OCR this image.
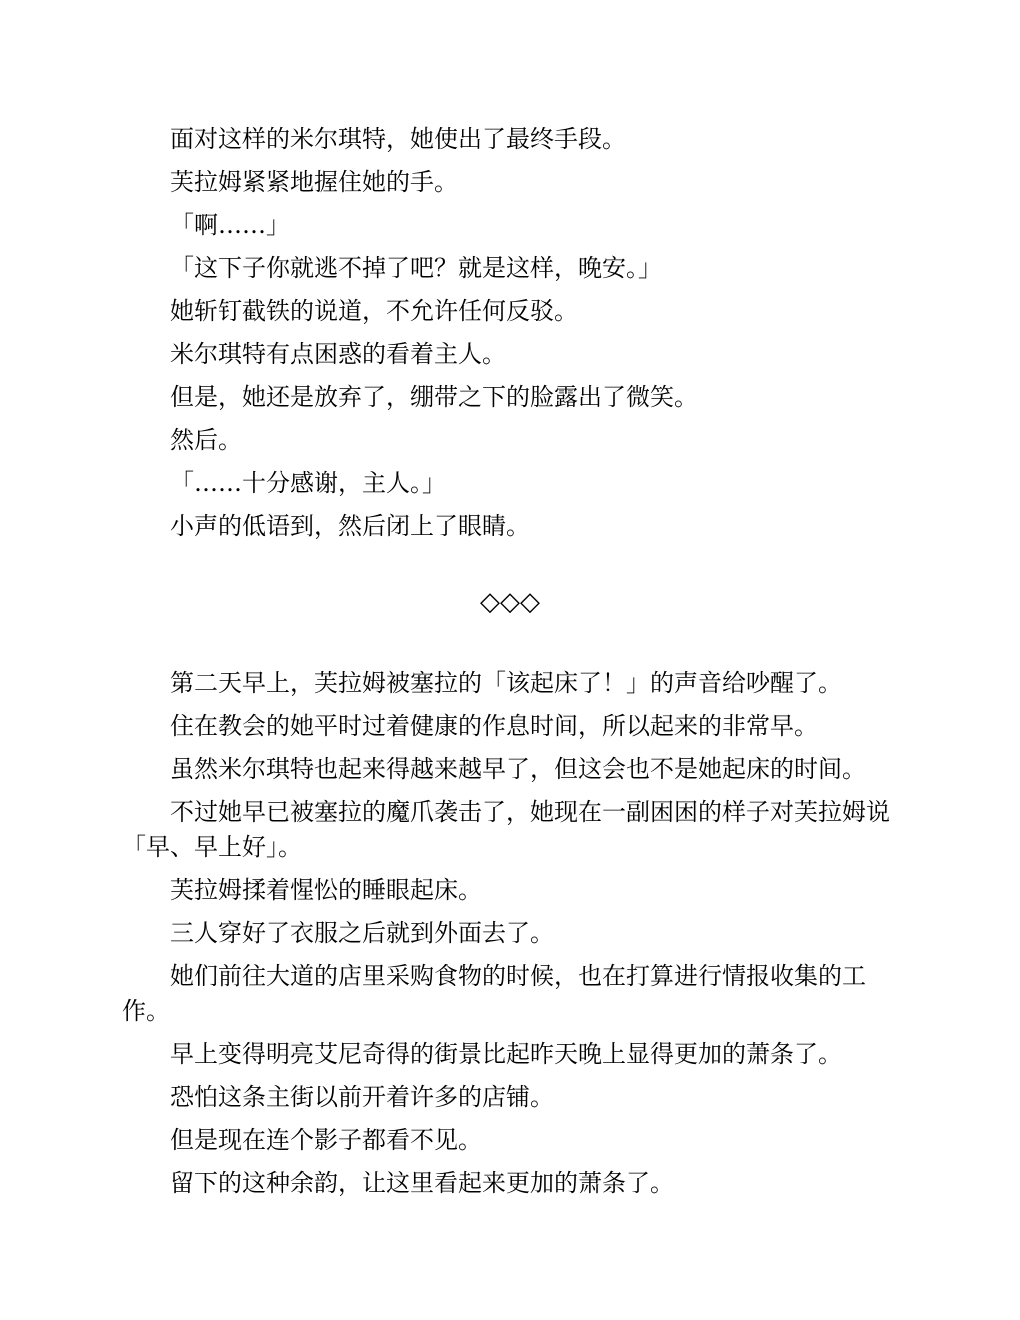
面对这样的米尔琪特，她使出了最终手段。

芙拉姆紧紧地握住她的手。

「啊……」

「这下子你就逃不掉了吧？就是这样，晚安。」

她斩钉截铁的说道，不允许任何反驳。

米尔琪特有点困惑的看着主人。

但是，她还是放弃了，绷带之下的脸露出了微笑。

然后。

「……十分感谢，主人。」

小声的低语到，然后闭上了眼睛。

◇◇◇

第二天早上，芙拉姆被塞拉的「该起床了！」的声音给吵醒了。

住在教会的她平时过着健康的作息时间，所以起来的非常早。

虽然米尔琪特也起来得越来越早了，但这会也不是她起床的时间。

不过她早已被塞拉的魔爪袭击了，她现在一副困困的样子对芙拉姆说「早、早上好」。

芙拉姆揉着惺忪的睡眼起床。

三人穿好了衣服之后就到外面去了。

她们前往大道的店里采购食物的时候，也在打算进行情报收集的工作。

早上变得明亮艾尼奇得的街景比起昨天晚上显得更加的萧条了。

恐怕这条主街以前开着许多的店铺。

但是现在连个影子都看不见。

留下的这种余韵，让这里看起来更加的萧条了。
